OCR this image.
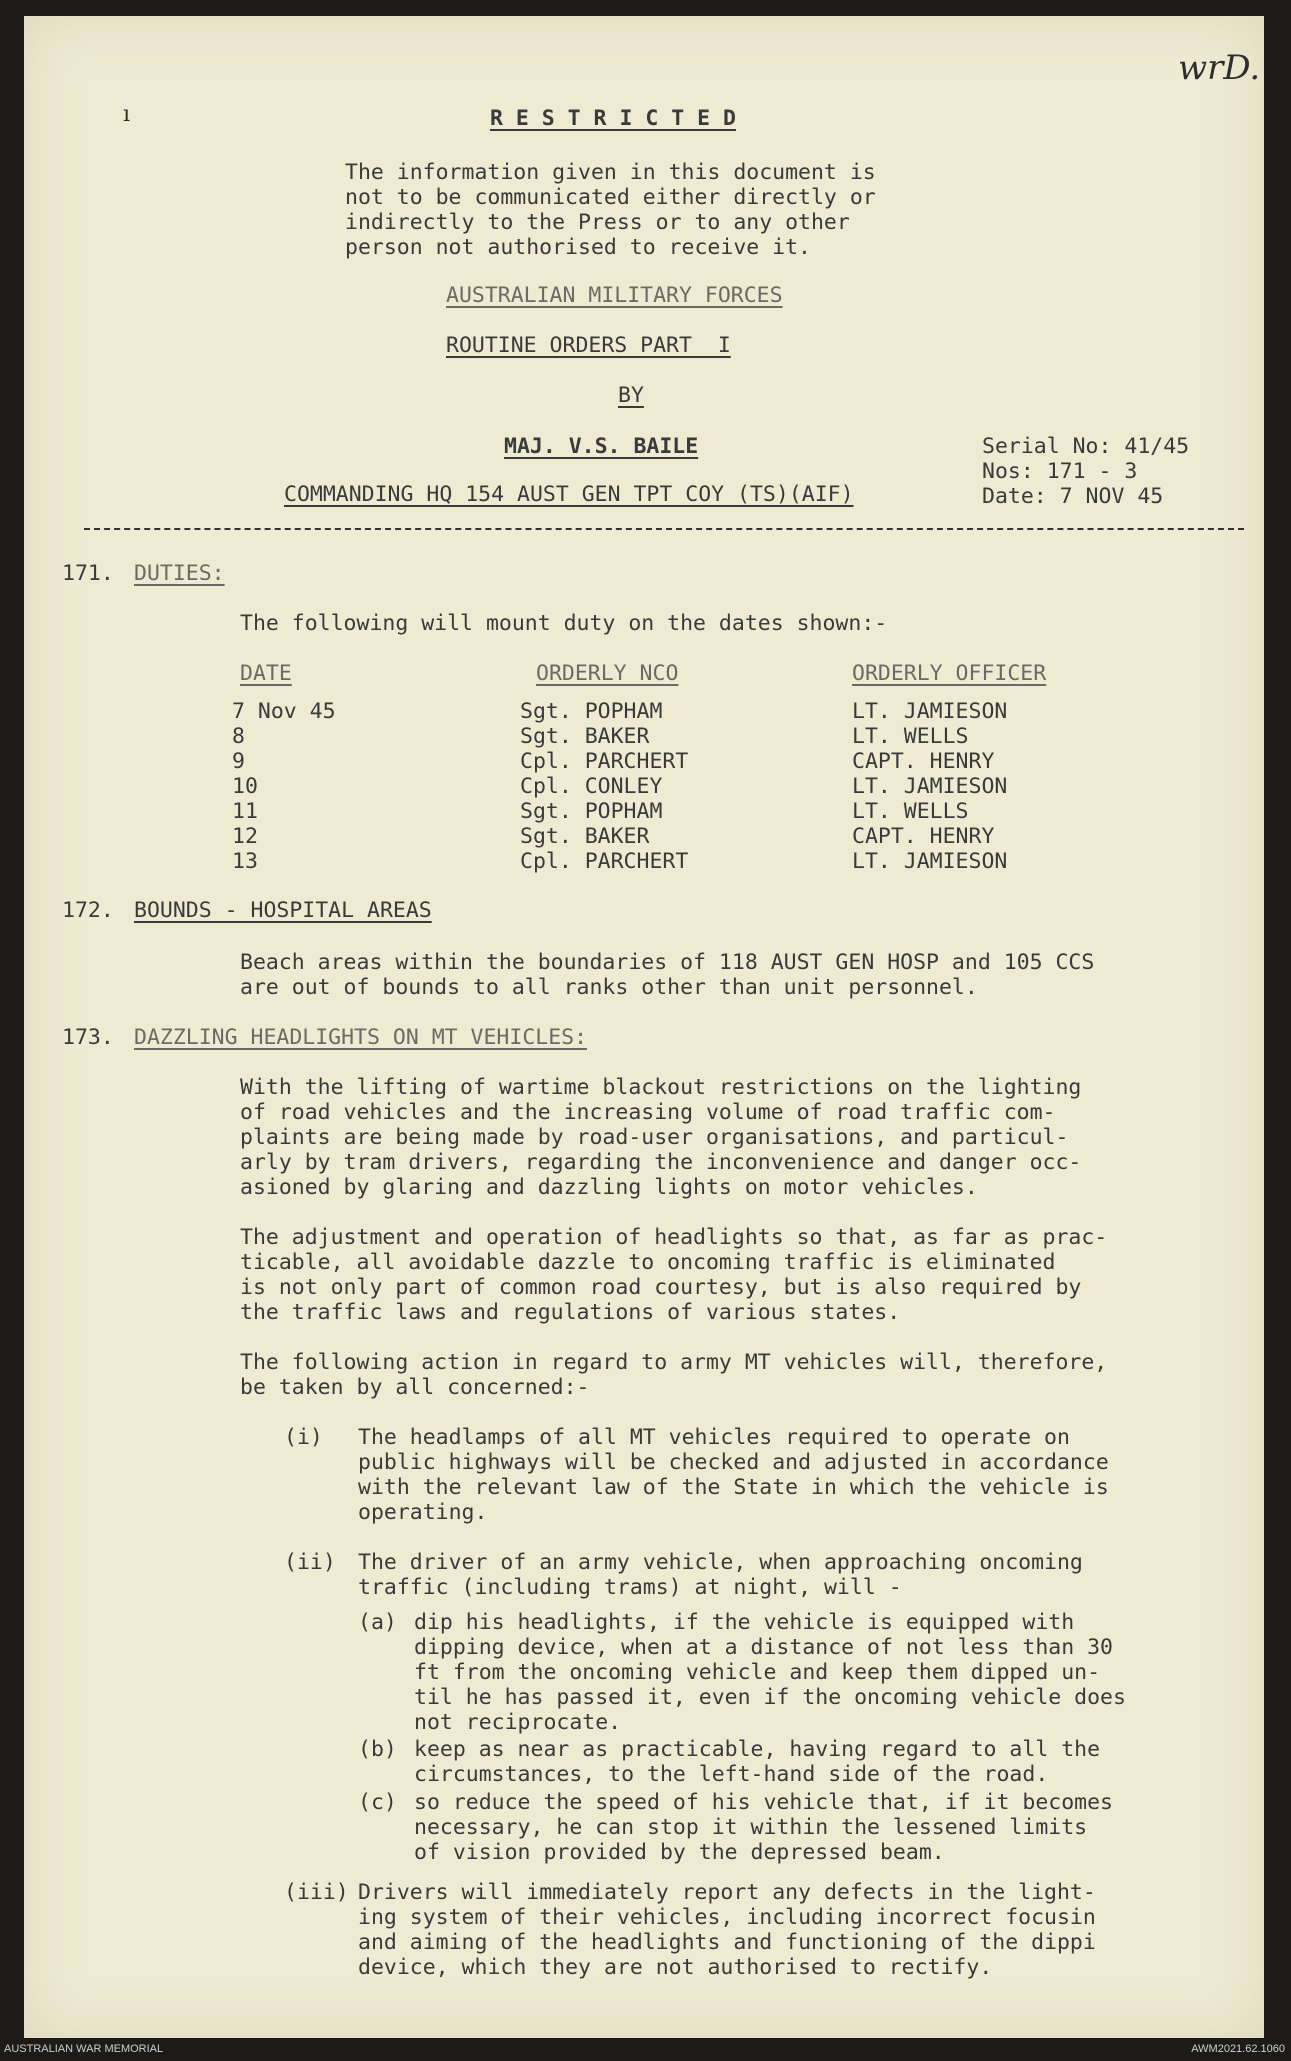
wrD.
ı	R E S T R I C T E D
The information given in this document is
not to be communicated either directly or
indirectly to the Press or to any other
person not authorised to receive it.
AUSTRALIAN MILITARY FORCES
ROUTINE ORDERS PART  I
BY
MAJ. V.S. BAILE
COMMANDING HQ 154 AUST GEN TPT COY (TS)(AIF)
Serial No: 41/45
Nos: 171 - 3
Date: 7 NOV 45
171. DUTIES:
The following will mount duty on the dates shown:-
DATE	ORDERLY NCO	ORDERLY OFFICER
7 Nov 45	Sgt. POPHAM	LT. JAMIESON
8	Sgt. BAKER	LT. WELLS
9	Cpl. PARCHERT	CAPT. HENRY
10	Cpl. CONLEY	LT. JAMIESON
11	Sgt. POPHAM	LT. WELLS
12	Sgt. BAKER	CAPT. HENRY
13	Cpl. PARCHERT	LT. JAMIESON
172. BOUNDS - HOSPITAL AREAS
Beach areas within the boundaries of 118 AUST GEN HOSP and 105 CCS
are out of bounds to all ranks other than unit personnel.
173. DAZZLING HEADLIGHTS ON MT VEHICLES:
With the lifting of wartime blackout restrictions on the lighting
of road vehicles and the increasing volume of road traffic com-
plaints are being made by road-user organisations, and particul-
arly by tram drivers, regarding the inconvenience and danger occ-
asioned by glaring and dazzling lights on motor vehicles.
The adjustment and operation of headlights so that, as far as prac-
ticable, all avoidable dazzle to oncoming traffic is eliminated
is not only part of common road courtesy, but is also required by
the traffic laws and regulations of various states.
The following action in regard to army MT vehicles will, therefore,
be taken by all concerned:-
(i) The headlamps of all MT vehicles required to operate on
public highways will be checked and adjusted in accordance
with the relevant law of the State in which the vehicle is
operating.
(ii) The driver of an army vehicle, when approaching oncoming
traffic (including trams) at night, will -
(a) dip his headlights, if the vehicle is equipped with
dipping device, when at a distance of not less than 30
ft from the oncoming vehicle and keep them dipped un-
til he has passed it, even if the oncoming vehicle does
not reciprocate.
(b) keep as near as practicable, having regard to all the
circumstances, to the left-hand side of the road.
(c) so reduce the speed of his vehicle that, if it becomes
necessary, he can stop it within the lessened limits
of vision provided by the depressed beam.
(iii) Drivers will immediately report any defects in the light-
ing system of their vehicles, including incorrect focusin
and aiming of the headlights and functioning of the dippi
device, which they are not authorised to rectify.
AUSTRALIAN WAR MEMORIAL	AWM2021.62.1060
